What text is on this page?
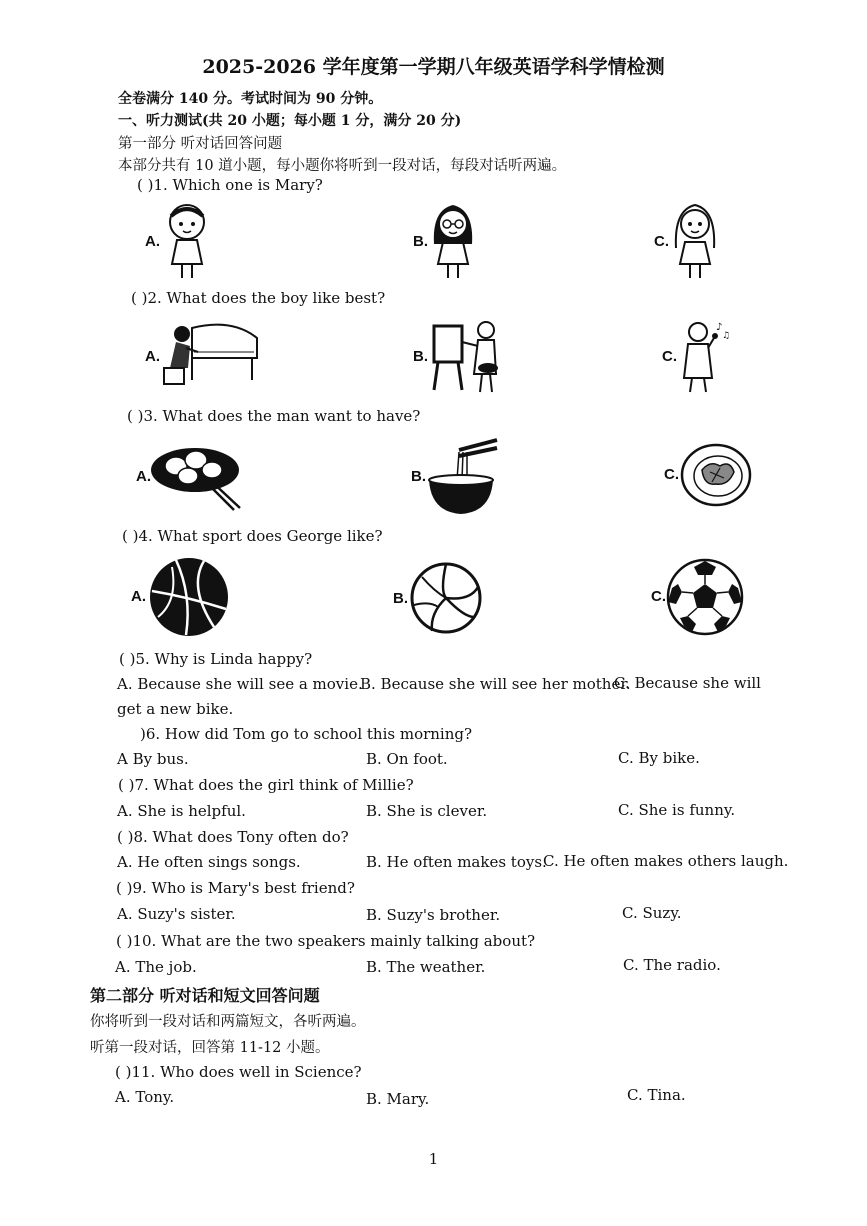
2025-2026 学年度第一学期八年级英语学科学情检测
全卷满分 140 分。考试时间为 90 分钟。
一、听力测试(共 20 小题；每小题 1 分，满分 20 分)
第一部分 听对话回答问题
本部分共有 10 道小题，每小题你将听到一段对话，每段对话听两遍。
( )1. Which one is Mary?
A.	B.	C.
( )2. What does the boy like best?
A.	B.	C.
♪
♫
( )3. What does the man want to have?
A.	B.	C.
( )4. What sport does George like?
A.	B.	C.
( )5. Why is Linda happy?
A. Because she will see a movie.
B. Because she will see her mother.
C. Because she will
get a new bike.
)6. How did Tom go to school this morning?
A By bus.	B. On foot.	C. By bike.
( )7. What does the girl think of Millie?
A. She is helpful.	B. She is clever.	C. She is funny.
( )8. What does Tony often do?
A. He often sings songs.	B. He often makes toys.
C. He often makes others laugh.
( )9. Who is Mary's best friend?
A. Suzy's sister.	B. Suzy's brother.	C. Suzy.
( )10. What are the two speakers mainly talking about?
A. The job.	B. The weather.	C. The radio.
第二部分 听对话和短文回答问题
你将听到一段对话和两篇短文，各听两遍。
听第一段对话，回答第 11-12 小题。
( )11. Who does well in Science?
A. Tony.	B. Mary.	C. Tina.
1
